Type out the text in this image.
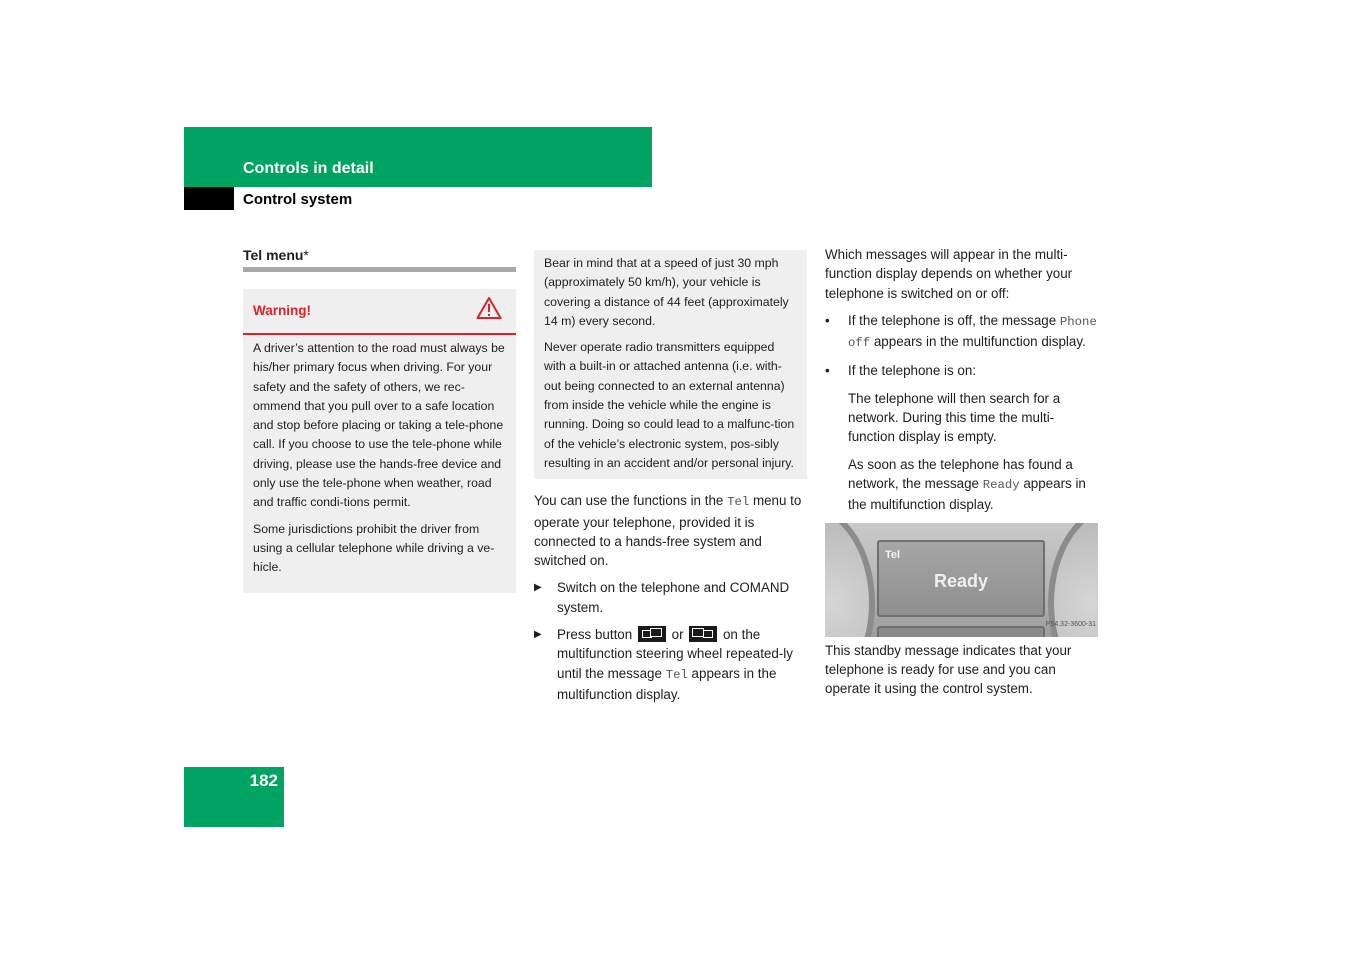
Controls in detail
Control system
Tel menu*
Warning!

A driver’s attention to the road must always be his/her primary focus when driving. For your safety and the safety of others, we rec-ommend that you pull over to a safe location and stop before placing or taking a tele-phone call. If you choose to use the tele-phone while driving, please use the hands-free device and only use the tele-phone when weather, road and traffic condi-tions permit.

Some jurisdictions prohibit the driver from using a cellular telephone while driving a ve-hicle.

Bear in mind that at a speed of just 30 mph (approximately 50 km/h), your vehicle is covering a distance of 44 feet (approximately 14 m) every second.

Never operate radio transmitters equipped with a built-in or attached antenna (i.e. with-out being connected to an external antenna) from inside the vehicle while the engine is running. Doing so could lead to a malfunc-tion of the vehicle’s electronic system, pos-sibly resulting in an accident and/or personal injury.

You can use the functions in the Tel menu to operate your telephone, provided it is connected to a hands-free system and switched on.

▶	Switch on the telephone and COMAND system.
▶	Press button
or
on the multifunction steering wheel repeated-ly until the message Tel appears in the multifunction display.

Which messages will appear in the multi-function display depends on whether your telephone is switched on or off:

•	If the telephone is off, the message Phone off appears in the multifunction display.
•	If the telephone is on:

The telephone will then search for a network. During this time the multi-function display is empty.

As soon as the telephone has found a network, the message Ready appears in the multifunction display.

Tel
Ready
P54.32-3600-31

This standby message indicates that your telephone is ready for use and you can operate it using the control system.

182
